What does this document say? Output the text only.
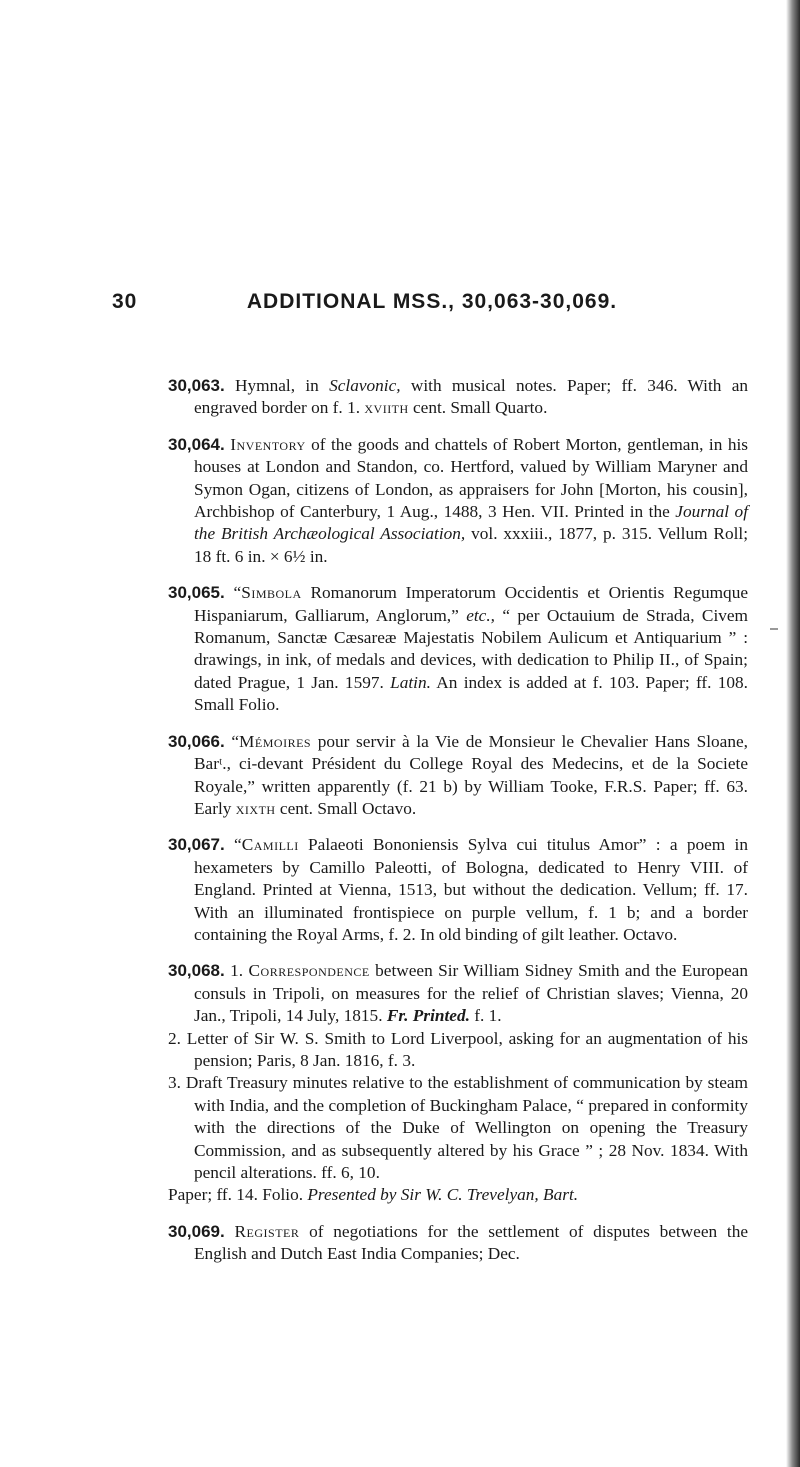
30	ADDITIONAL MSS., 30,063-30,069.

30,063. Hymnal, in Sclavonic, with musical notes. Paper; ff. 346. With an engraved border on f. 1. xviith cent. Small Quarto.

30,064. Inventory of the goods and chattels of Robert Morton, gentleman, in his houses at London and Standon, co. Hertford, valued by William Maryner and Symon Ogan, citizens of London, as appraisers for John [Morton, his cousin], Archbishop of Canterbury, 1 Aug., 1488, 3 Hen. VII. Printed in the Journal of the British Archæological Association, vol. xxxiii., 1877, p. 315. Vellum Roll; 18 ft. 6 in. × 6½ in.

30,065. “Simbola Romanorum Imperatorum Occidentis et Orientis Regumque Hispaniarum, Galliarum, Anglorum,” etc., “ per Octauium de Strada, Civem Romanum, Sanctæ Cæsareæ Majestatis Nobilem Aulicum et Antiquarium ” : drawings, in ink, of medals and devices, with dedication to Philip II., of Spain; dated Prague, 1 Jan. 1597. Latin. An index is added at f. 103. Paper; ff. 108. Small Folio.

30,066. “Mémoires pour servir à la Vie de Monsieur le Chevalier Hans Sloane, Barᵗ., ci-devant Président du College Royal des Medecins, et de la Societe Royale,” written apparently (f. 21 b) by William Tooke, F.R.S. Paper; ff. 63. Early xixth cent. Small Octavo.

30,067. “Camilli Palaeoti Bononiensis Sylva cui titulus Amor” : a poem in hexameters by Camillo Paleotti, of Bologna, dedicated to Henry VIII. of England. Printed at Vienna, 1513, but without the dedication. Vellum; ff. 17. With an illuminated frontispiece on purple vellum, f. 1 b; and a border containing the Royal Arms, f. 2. In old binding of gilt leather. Octavo.

30,068. 1. Correspondence between Sir William Sidney Smith and the European consuls in Tripoli, on measures for the relief of Christian slaves; Vienna, 20 Jan., Tripoli, 14 July, 1815. Fr. Printed. f. 1.

2. Letter of Sir W. S. Smith to Lord Liverpool, asking for an augmentation of his pension; Paris, 8 Jan. 1816, f. 3.

3. Draft Treasury minutes relative to the establishment of communication by steam with India, and the completion of Buckingham Palace, “ prepared in conformity with the directions of the Duke of Wellington on opening the Treasury Commission, and as subsequently altered by his Grace ” ; 28 Nov. 1834. With pencil alterations. ff. 6, 10.

Paper; ff. 14. Folio. Presented by Sir W. C. Trevelyan, Bart.

30,069. Register of negotiations for the settlement of disputes between the English and Dutch East India Companies; Dec.
